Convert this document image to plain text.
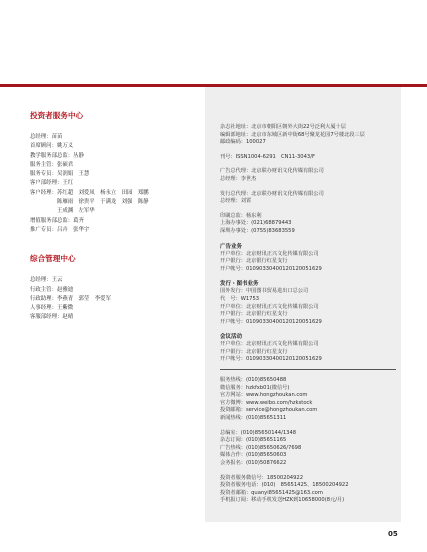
投资者服务中心
总经理：苗苗
首席顾问：姚万义
教学服务部总监：丛静
服务主管：张硕君
服务专员：吴润娟　王慧
客户部经理：王红
客户经理：苏红超　刘爱凤　杨永立　田园　郑鹏
　　　　　陈雁雨　徐贵平　于满龙　刘强　陈静
　　　　　王成渊　左军华
增值服务部总监：葛齐
推广专员：吕卉　张华宇
综合管理中心
总经理：王云
行政主管：赵雅迪
行政助理：李燕青　郭莹　李爱军
人事经理：王紫微
客服部经理：赵晴
杂志社地址：北京市朝阳区朝外大街22号泛利大厦十层
编辑部地址：北京市东城区新中街68号聚龙花园7号楼北段三层
邮政编码：100027
刊号：ISSN1004-6291　CN11-3043/F
广告总代理：北京联办财讯文化传媒有限公司
总经理：李世杰
发行总代理：北京联办财讯文化传媒有限公司
总经理：刘霄
印刷总监：杨东利
上海办事处：(021)68879443
深圳办事处：(0755)83683559
广告业务
开户单位：北京财讯正兴文化传媒有限公司
开户银行：北京银行红星支行
开户帐号：01090330400120120051629
发行・图书业务
国外发行：中国图书贸易进出口总公司
代　号：W1753
开户单位：北京财讯正兴文化传媒有限公司
开户银行：北京银行红星支行
开户帐号：01090330400120120051629
会议活动
开户单位：北京财讯正兴文化传媒有限公司
开户银行：北京银行红星支行
开户帐号：01090330400120120051629
服务热线：(010)85650488
微信服务：hzkfxb01(微信号)
官方网站：www.hongzhoukan.com
官方微博：www.weibo.com/hzkstock
投资邮箱：service@hongzhoukan.com
新闻热线：(010)85651311
总编室：(010)85650144/1348
杂志订阅：(010)85651165
广告热线：(010)85650626/7698
媒体合作：(010)85650603
会务报名：(010)50876622
投资者服务微信号：18500204922
投资者服务电话：(010)　85651425、18500204922
投资者邮箱：quanyi85651425@163.com
手机报订阅：移动手机发送HZK到10658000(8元/月)
05
